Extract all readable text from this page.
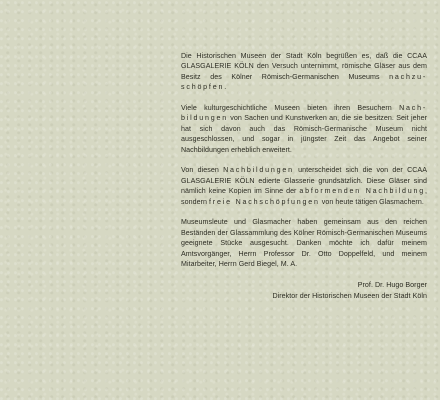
Die Historischen Museen der Stadt Köln begrüßen es, daß die CCAA GLASGALERIE KÖLN den Versuch unternimmt, römische Gläser aus dem Besitz des Kölner Römisch-Germanischen Museums nachzu-schöpfen.

Viele kulturgeschichtliche Museen bieten ihren Besuchern Nach-bildungen von Sachen und Kunstwerken an, die sie besitzen. Seit jeher hat sich davon auch das Römisch-Germanische Museum nicht ausgeschlossen, und sogar in jüngster Zeit das Angebot seiner Nachbildungen erheblich erweitert.

Von diesen Nachbildungen unterscheidet sich die von der CCAA GLASGALERIE KÖLN edierte Glasserie grundsätzlich. Diese Gläser sind nämlich keine Kopien im Sinne der abformenden Nachbildung, sondern freie Nachschöpfungen von heute tätigen Glasmachern.

Museumsleute und Glasmacher haben gemeinsam aus den reichen Beständen der Glassammlung des Kölner Römisch-Germanischen Museums geeignete Stücke ausgesucht. Danken möchte ich dafür meinem Amtsvorgänger, Herrn Professor Dr. Otto Doppelfeld, und meinem Mitarbeiter, Herrn Gerd Biegel, M. A.

Prof. Dr. Hugo Borger
Direktor der Historischen Museen der Stadt Köln
